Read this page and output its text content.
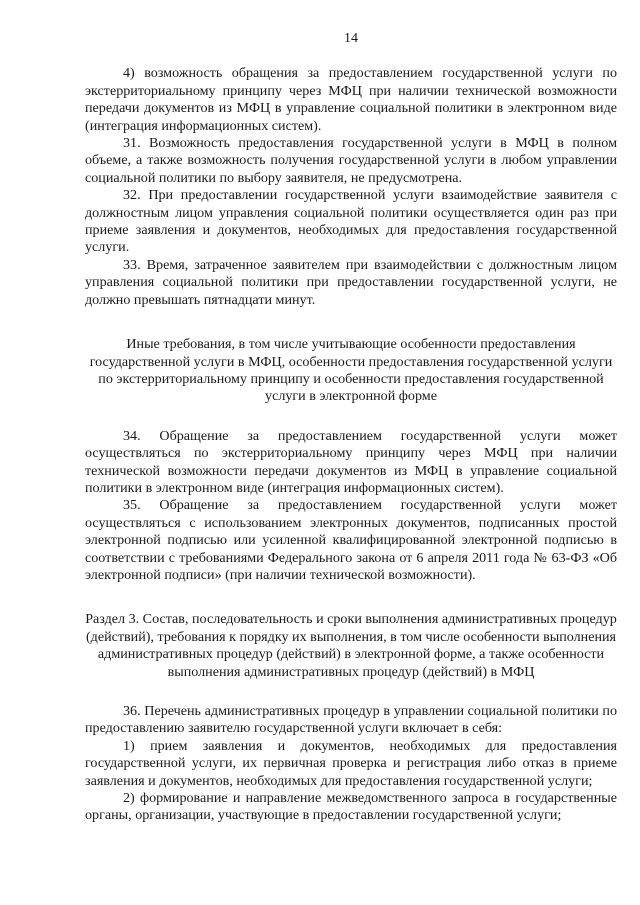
14

4) возможность обращения за предоставлением государственной услуги по экстерриториальному принципу через МФЦ при наличии технической возможности передачи документов из МФЦ в управление социальной политики в электронном виде (интеграция информационных систем).

31. Возможность предоставления государственной услуги в МФЦ в полном объеме, а также возможность получения государственной услуги в любом управлении социальной политики по выбору заявителя, не предусмотрена.

32. При предоставлении государственной услуги взаимодействие заявителя с должностным лицом управления социальной политики осуществляется один раз при приеме заявления и документов, необходимых для предоставления государственной услуги.

33. Время, затраченное заявителем при взаимодействии с должностным лицом управления социальной политики при предоставлении государственной услуги, не должно превышать пятнадцати минут.

Иные требования, в том числе учитывающие особенности предоставления государственной услуги в МФЦ, особенности предоставления государственной услуги по экстерриториальному принципу и особенности предоставления государственной услуги в электронной форме

34. Обращение за предоставлением государственной услуги может осуществляться по экстерриториальному принципу через МФЦ при наличии технической возможности передачи документов из МФЦ в управление социальной политики в электронном виде (интеграция информационных систем).

35. Обращение за предоставлением государственной услуги может осуществляться с использованием электронных документов, подписанных простой электронной подписью или усиленной квалифицированной электронной подписью в соответствии с требованиями Федерального закона от 6 апреля 2011 года № 63-ФЗ «Об электронной подписи» (при наличии технической возможности).

Раздел 3. Состав, последовательность и сроки выполнения административных процедур (действий), требования к порядку их выполнения, в том числе особенности выполнения административных процедур (действий) в электронной форме, а также особенности выполнения административных процедур (действий) в МФЦ

36. Перечень административных процедур в управлении социальной политики по предоставлению заявителю государственной услуги включает в себя:

1) прием заявления и документов, необходимых для предоставления государственной услуги, их первичная проверка и регистрация либо отказ в приеме заявления и документов, необходимых для предоставления государственной услуги;

2) формирование и направление межведомственного запроса в государственные органы, организации, участвующие в предоставлении государственной услуги;
